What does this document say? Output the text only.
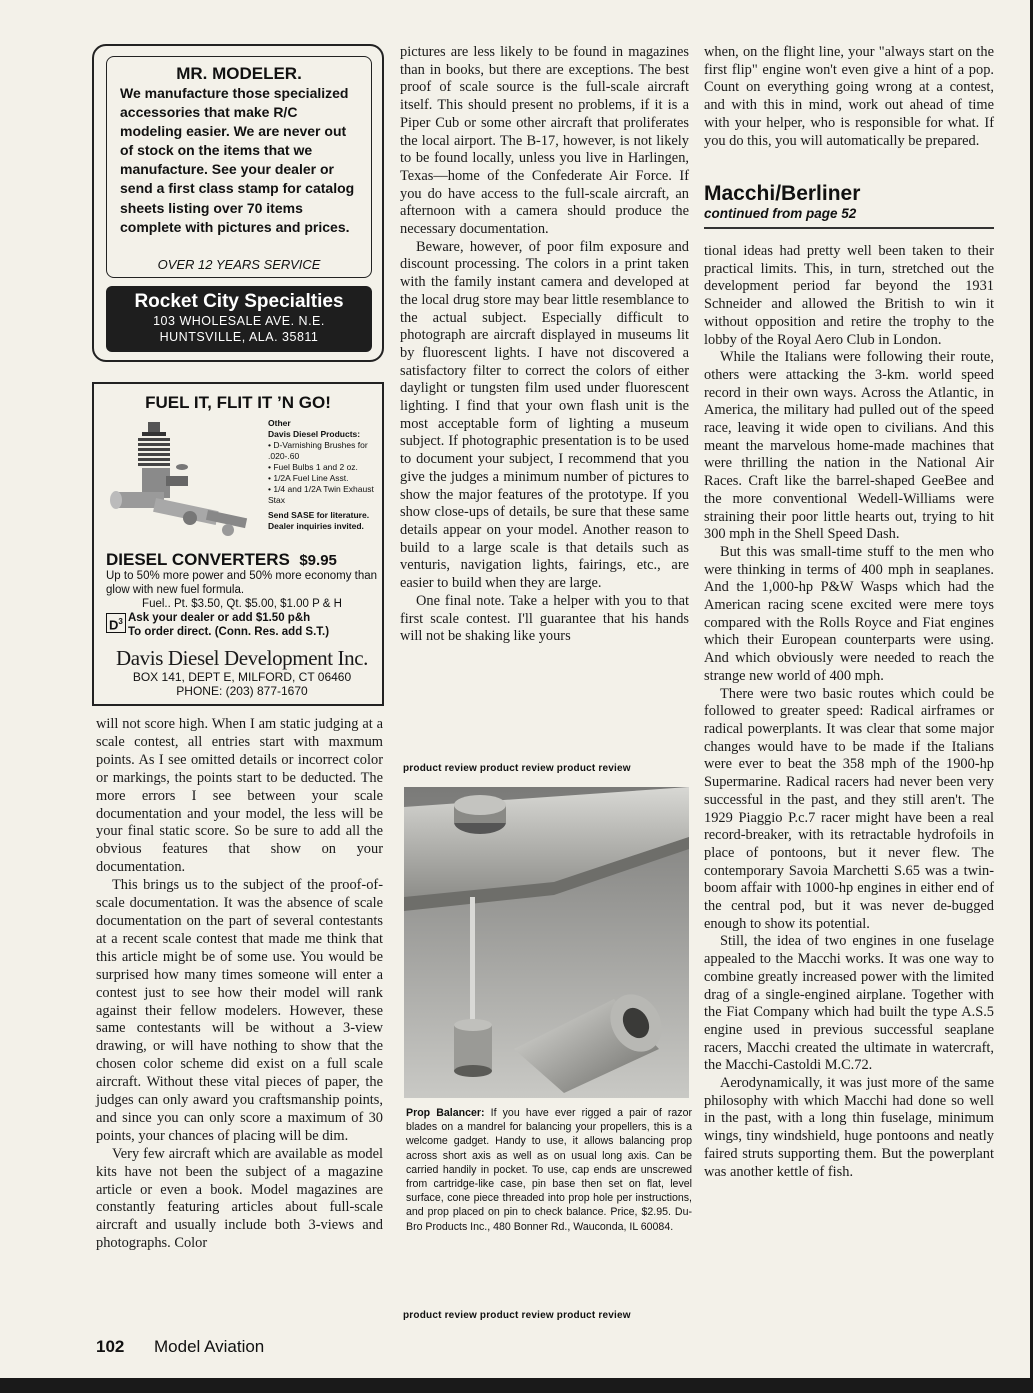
MR. MODELER.
We manufacture those specialized accessories that make R/C modeling easier. We are never out of stock on the items that we manufacture. See your dealer or send a first class stamp for catalog sheets listing over 70 items complete with pictures and prices.
OVER 12 YEARS SERVICE
Rocket City Specialties
103 WHOLESALE AVE. N.E.
HUNTSVILLE, ALA. 35811
FUEL IT, FLIT IT ’N GO!
Other
Davis Diesel Products:
• D-Varnishing Brushes for .020-.60
• Fuel Bulbs 1 and 2 oz.
• 1/2A Fuel Line Asst.
• 1/4 and 1/2A Twin Exhaust Stax
Send SASE for literature.
Dealer inquiries invited.
DIESEL CONVERTERS $9.95
Up to 50% more power and 50% more economy than glow with new fuel formula.
Fuel.. Pt. $3.50, Qt. $5.00, $1.00 P & H
$D^3$ Ask your dealer or add $1.50 p&h
To order direct. (Conn. Res. add S.T.)
Davis Diesel Development Inc.
BOX 141, DEPT E, MILFORD, CT 06460
PHONE: (203) 877-1670

will not score high. When I am static judging at a scale contest, all entries start with maxmum points. As I see omitted details or incorrect color or markings, the points start to be deducted. The more errors I see between your scale documentation and your model, the less will be your final static score. So be sure to add all the obvious features that show on your documentation.

This brings us to the subject of the proof-of-scale documentation. It was the absence of scale documentation on the part of several contestants at a recent scale contest that made me think that this article might be of some use. You would be surprised how many times someone will enter a contest just to see how their model will rank against their fellow modelers. However, these same contestants will be without a 3-view drawing, or will have nothing to show that the chosen color scheme did exist on a full scale aircraft. Without these vital pieces of paper, the judges can only award you craftsmanship points, and since you can only score a maximum of 30 points, your chances of placing will be dim.

Very few aircraft which are available as model kits have not been the subject of a magazine article or even a book. Model magazines are constantly featuring articles about full-scale aircraft and usually include both 3-views and photographs. Color

pictures are less likely to be found in magazines than in books, but there are exceptions. The best proof of scale source is the full-scale aircraft itself. This should present no problems, if it is a Piper Cub or some other aircraft that proliferates the local airport. The B-17, however, is not likely to be found locally, unless you live in Harlingen, Texas—home of the Confederate Air Force. If you do have access to the full-scale aircraft, an afternoon with a camera should produce the necessary documentation.

Beware, however, of poor film exposure and discount processing. The colors in a print taken with the family instant camera and developed at the local drug store may bear little resemblance to the actual subject. Especially difficult to photograph are aircraft displayed in museums lit by fluorescent lights. I have not discovered a satisfactory filter to correct the colors of either daylight or tungsten film used under fluorescent lighting. I find that your own flash unit is the most acceptable form of lighting a museum subject. If photographic presentation is to be used to document your subject, I recommend that you give the judges a minimum number of pictures to show the major features of the prototype. If you show close-ups of details, be sure that these same details appear on your model. Another reason to build to a large scale is that details such as venturis, navigation lights, fairings, etc., are easier to build when they are large.

One final note. Take a helper with you to that first scale contest. I'll guarantee that his hands will not be shaking like yours

product review product review product review
Prop Balancer: If you have ever rigged a pair of razor blades on a mandrel for balancing your propellers, this is a welcome gadget. Handy to use, it allows balancing prop across short axis as well as on usual long axis. Can be carried handily in pocket. To use, cap ends are unscrewed from cartridge-like case, pin base then set on flat, level surface, cone piece threaded into prop hole per instructions, and prop placed on pin to check balance. Price, $2.95. Du-Bro Products Inc., 480 Bonner Rd., Wauconda, IL 60084.
product review product review product review

when, on the flight line, your "always start on the first flip" engine won't even give a hint of a pop. Count on everything going wrong at a contest, and with this in mind, work out ahead of time with your helper, who is responsible for what. If you do this, you will automatically be prepared.

Macchi/Berliner
continued from page 52

tional ideas had pretty well been taken to their practical limits. This, in turn, stretched out the development period far beyond the 1931 Schneider and allowed the British to win it without opposition and retire the trophy to the lobby of the Royal Aero Club in London.

While the Italians were following their route, others were attacking the 3-km. world speed record in their own ways. Across the Atlantic, in America, the military had pulled out of the speed race, leaving it wide open to civilians. And this meant the marvelous home-made machines that were thrilling the nation in the National Air Races. Craft like the barrel-shaped GeeBee and the more conventional Wedell-Williams were straining their poor little hearts out, trying to hit 300 mph in the Shell Speed Dash.

But this was small-time stuff to the men who were thinking in terms of 400 mph in seaplanes. And the 1,000-hp P&W Wasps which had the American racing scene excited were mere toys compared with the Rolls Royce and Fiat engines which their European counterparts were using. And which obviously were needed to reach the strange new world of 400 mph.

There were two basic routes which could be followed to greater speed: Radical airframes or radical powerplants. It was clear that some major changes would have to be made if the Italians were ever to beat the 358 mph of the 1900-hp Supermarine. Radical racers had never been very successful in the past, and they still aren't. The 1929 Piaggio P.c.7 racer might have been a real record-breaker, with its retractable hydrofoils in place of pontoons, but it never flew. The contemporary Savoia Marchetti S.65 was a twin-boom affair with 1000-hp engines in either end of the central pod, but it was never de-bugged enough to show its potential.

Still, the idea of two engines in one fuselage appealed to the Macchi works. It was one way to combine greatly increased power with the limited drag of a single-engined airplane. Together with the Fiat Company which had built the type A.S.5 engine used in previous successful seaplane racers, Macchi created the ultimate in watercraft, the Macchi-Castoldi M.C.72.

Aerodynamically, it was just more of the same philosophy with which Macchi had done so well in the past, with a long thin fuselage, minimum wings, tiny windshield, huge pontoons and neatly faired struts supporting them. But the powerplant was another kettle of fish.

102 Model Aviation
